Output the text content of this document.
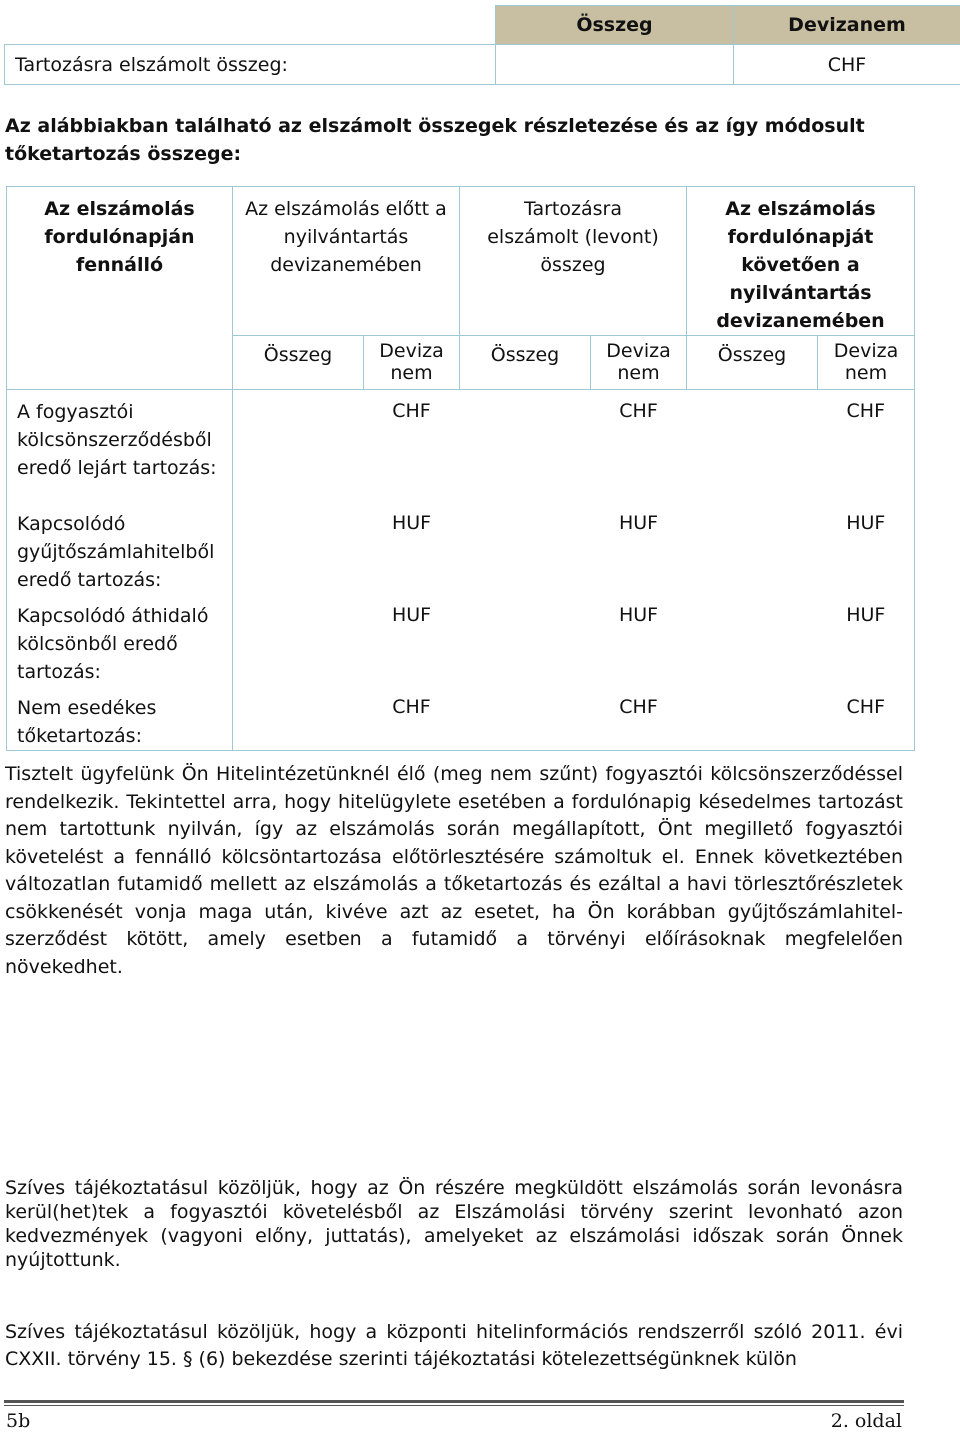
	Összeg	Devizanem
Tartozásra elszámolt összeg:		CHF
Az alábbiakban található az elszámolt összegek részletezése és az így módosult tőketartozás összege:
Az elszámolás fordulónapján fennálló	Az elszámolás előtt a nyilvántartás devizanemében		Tartozásra elszámolt (levont) összeg		Az elszámolás fordulónapját követően a nyilvántartás devizanemében	
	Összeg	Deviza nem	Összeg	Deviza nem	Összeg	Deviza nem
A fogyasztói kölcsönszerződésből eredő lejárt tartozás:		CHF		CHF		CHF
Kapcsolódó gyűjtőszámlahitelből eredő tartozás:		HUF		HUF		HUF
Kapcsolódó áthidaló kölcsönből eredő tartozás:		HUF		HUF		HUF
Nem esedékes tőketartozás:		CHF		CHF		CHF
Tisztelt ügyfelünk Ön Hitelintézetünknél élő (meg nem szűnt) fogyasztói kölcsönszerződéssel rendelkezik. Tekintettel arra, hogy hitelügylete esetében a fordulónapig késedelmes tartozást nem tartottunk nyilván, így az elszámolás során megállapított, Önt megillető fogyasztói követelést a fennálló kölcsöntartozása előtörlesztésére számoltuk el. Ennek következtében változatlan futamidő mellett az elszámolás a tőketartozás és ezáltal a havi törlesztőrészletek csökkenését vonja maga után, kivéve azt az esetet, ha Ön korábban gyűjtőszámlahitel-szerződést kötött, amely esetben a futamidő a törvényi előírásoknak megfelelően növekedhet.
Szíves tájékoztatásul közöljük, hogy az Ön részére megküldött elszámolás során levonásra kerül(het)tek a fogyasztói követelésből az Elszámolási törvény szerint levonható azon kedvezmények (vagyoni előny, juttatás), amelyeket az elszámolási időszak során Önnek nyújtottunk.
Szíves tájékoztatásul közöljük, hogy a központi hitelinformációs rendszerről szóló 2011. évi CXXII. törvény 15. § (6) bekezdése szerinti tájékoztatási kötelezettségünknek külön
5b	2. oldal
